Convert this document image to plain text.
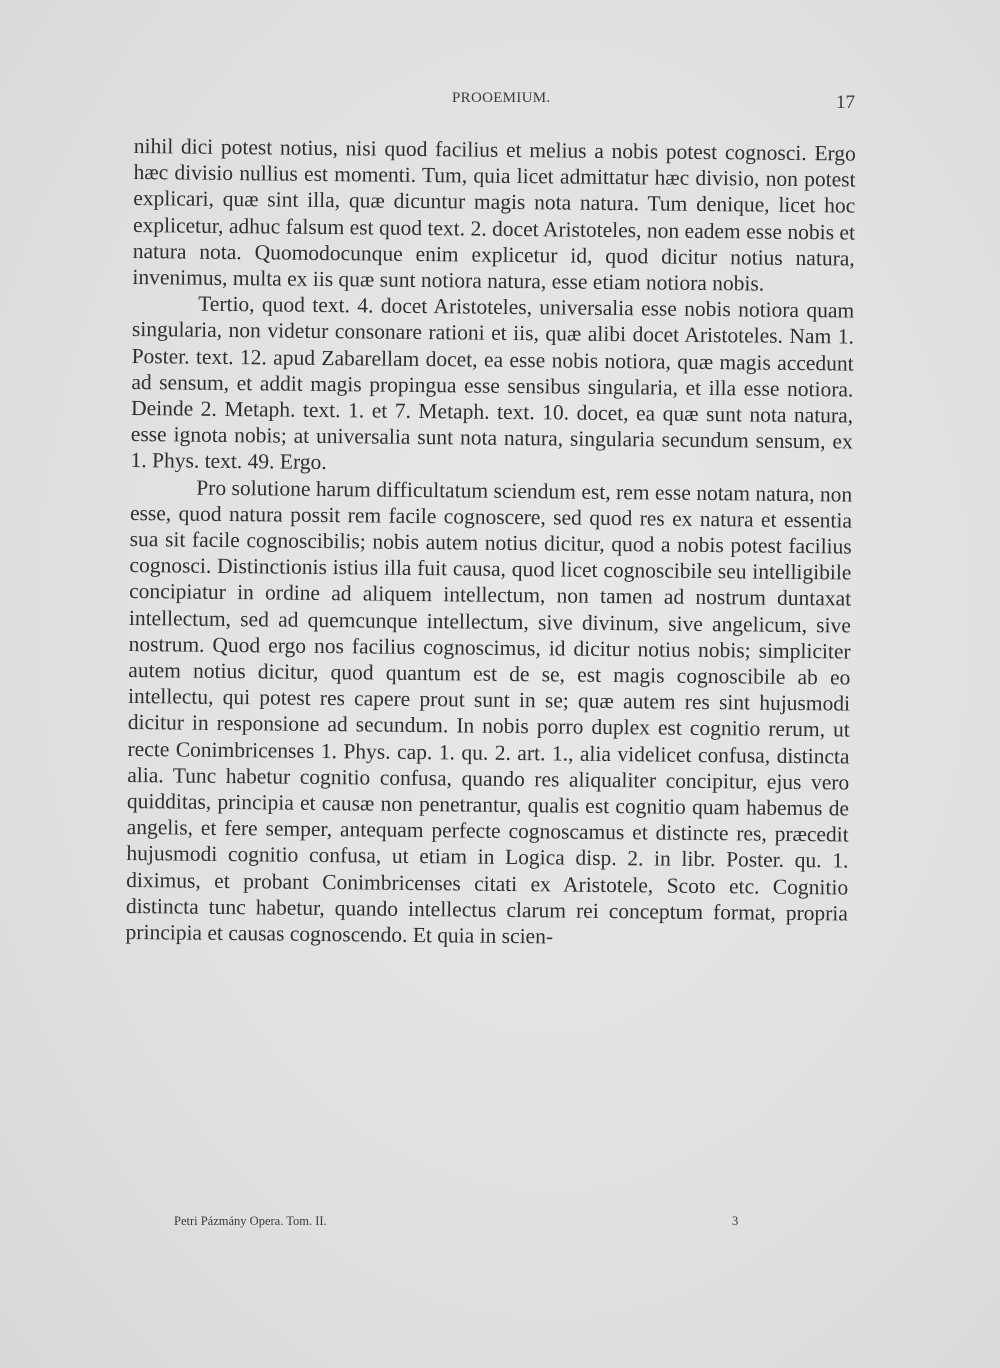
PROOEMIUM.	17

nihil dici potest notius, nisi quod facilius et melius a nobis potest cognosci. Ergo hæc divisio nullius est momenti. Tum, quia licet admittatur hæc divisio, non potest explicari, quæ sint illa, quæ dicuntur magis nota natura. Tum denique, licet hoc explicetur, adhuc falsum est quod text. 2. docet Aristoteles, non eadem esse nobis et natura nota. Quomodocunque enim explicetur id, quod dicitur notius natura, invenimus, multa ex iis quæ sunt notiora natura, esse etiam notiora nobis.

Tertio, quod text. 4. docet Aristoteles, universalia esse nobis notiora quam singularia, non videtur consonare rationi et iis, quæ alibi docet Aristoteles. Nam 1. Poster. text. 12. apud Zabarellam docet, ea esse nobis notiora, quæ magis accedunt ad sensum, et addit magis propingua esse sensibus singularia, et illa esse notiora. Deinde 2. Metaph. text. 1. et 7. Metaph. text. 10. docet, ea quæ sunt nota natura, esse ignota nobis; at universalia sunt nota natura, singularia secundum sensum, ex 1. Phys. text. 49. Ergo.

Pro solutione harum difficultatum sciendum est, rem esse notam natura, non esse, quod natura possit rem facile cognoscere, sed quod res ex natura et essentia sua sit facile cognoscibilis; nobis autem notius dicitur, quod a nobis potest facilius cognosci. Distinctionis istius illa fuit causa, quod licet cognoscibile seu intelligibile concipiatur in ordine ad aliquem intellectum, non tamen ad nostrum duntaxat intellectum, sed ad quemcunque intellectum, sive divinum, sive angelicum, sive nostrum. Quod ergo nos facilius cognoscimus, id dicitur notius nobis; simpliciter autem notius dicitur, quod quantum est de se, est magis cognoscibile ab eo intellectu, qui potest res capere prout sunt in se; quæ autem res sint hujusmodi dicitur in responsione ad secundum. In nobis porro duplex est cognitio rerum, ut recte Conimbricenses 1. Phys. cap. 1. qu. 2. art. 1., alia videlicet confusa, distincta alia. Tunc habetur cognitio confusa, quando res aliqualiter concipitur, ejus vero quidditas, principia et causæ non penetrantur, qualis est cognitio quam habemus de angelis, et fere semper, antequam perfecte cognoscamus et distincte res, præcedit hujusmodi cognitio confusa, ut etiam in Logica disp. 2. in libr. Poster. qu. 1. diximus, et probant Conimbricenses citati ex Aristotele, Scoto etc. Cognitio distincta tunc habetur, quando intellectus clarum rei conceptum format, propria principia et causas cognoscendo. Et quia in scien-

Petri Pázmány Opera. Tom. II.	3
